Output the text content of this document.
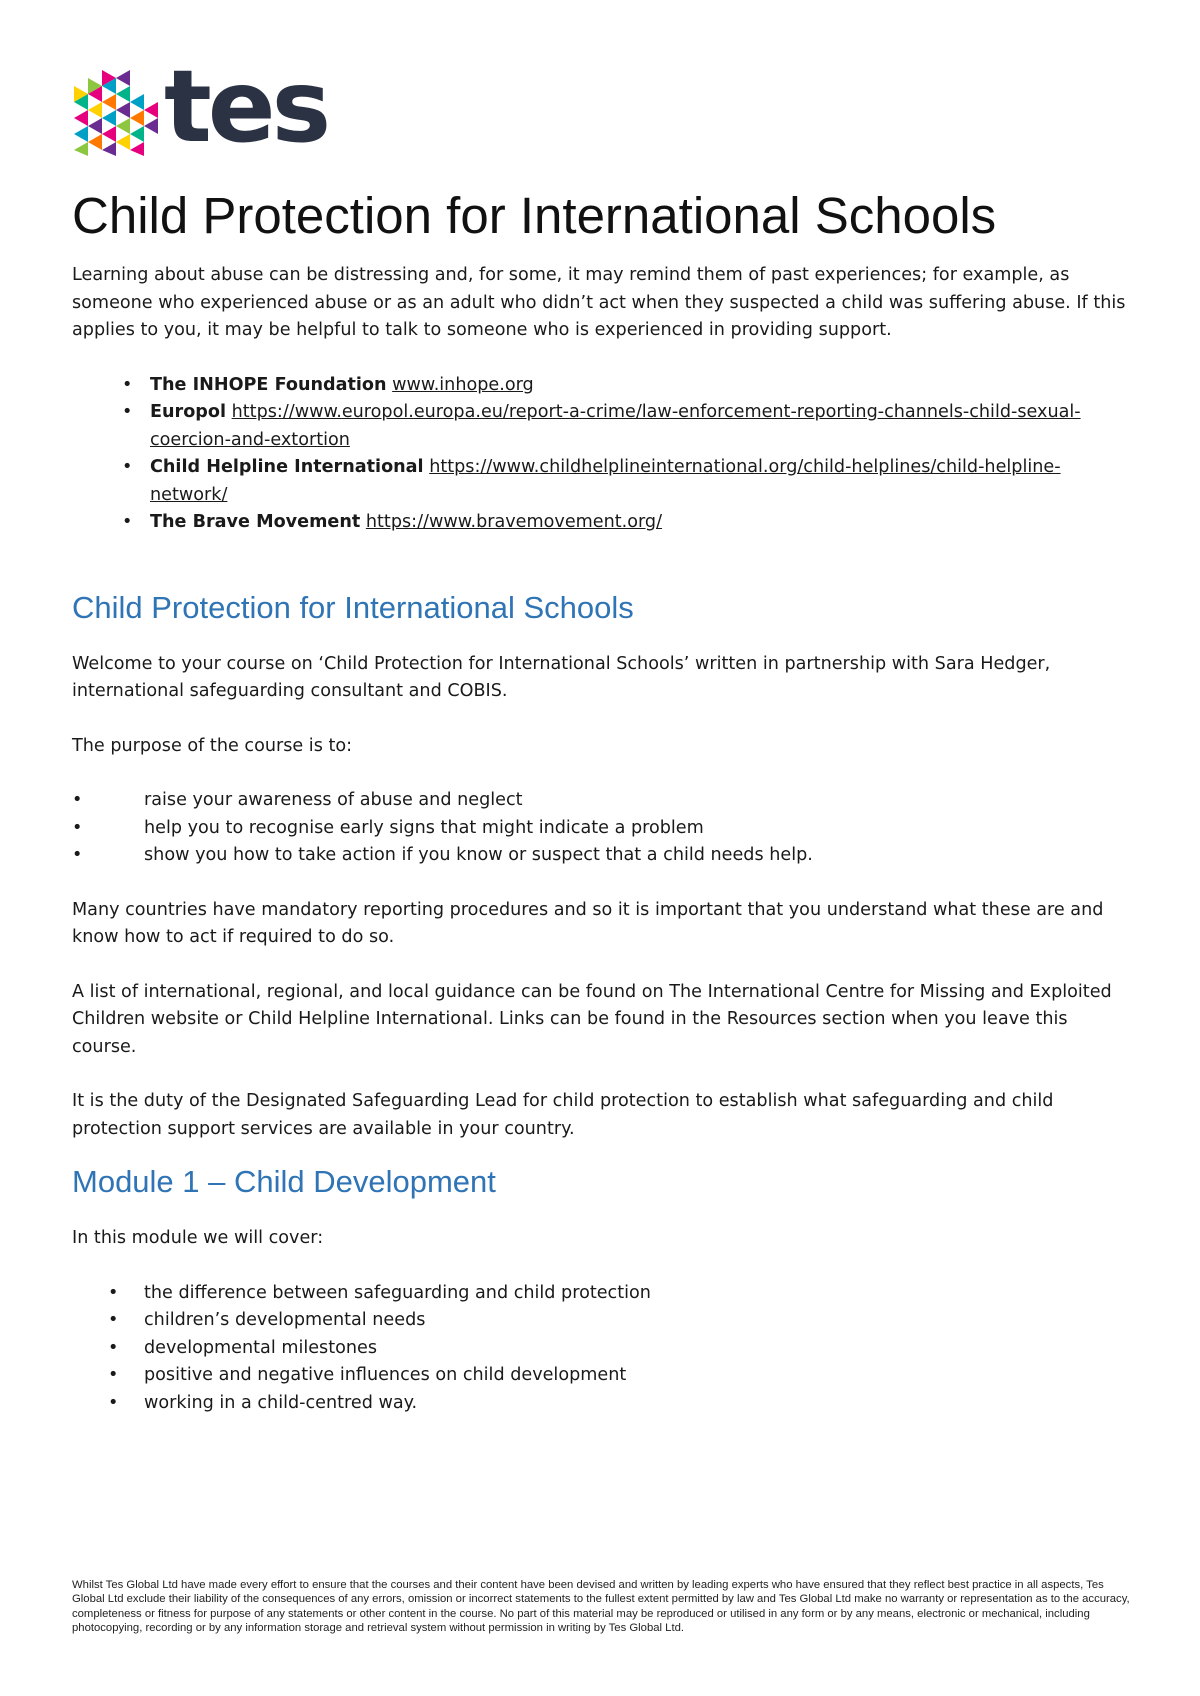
tes
Child Protection for International Schools

Learning about abuse can be distressing and, for some, it may remind them of past experiences; for example, as someone who experienced abuse or as an adult who didn’t act when they suspected a child was suffering abuse. If this applies to you, it may be helpful to talk to someone who is experienced in providing support.

• The INHOPE Foundation www.inhope.org
• Europol https://www.europol.europa.eu/report-a-crime/law-enforcement-reporting-channels-child-sexual-coercion-and-extortion
• Child Helpline International https://www.childhelplineinternational.org/child-helplines/child-helpline-network/
• The Brave Movement https://www.bravemovement.org/
Child Protection for International Schools

Welcome to your course on ‘Child Protection for International Schools’ written in partnership with Sara Hedger, international safeguarding consultant and COBIS.

The purpose of the course is to:

• raise your awareness of abuse and neglect
• help you to recognise early signs that might indicate a problem
• show you how to take action if you know or suspect that a child needs help.

Many countries have mandatory reporting procedures and so it is important that you understand what these are and know how to act if required to do so.

A list of international, regional, and local guidance can be found on The International Centre for Missing and Exploited Children website or Child Helpline International. Links can be found in the Resources section when you leave this course.

It is the duty of the Designated Safeguarding Lead for child protection to establish what safeguarding and child protection support services are available in your country.

Module 1 – Child Development

In this module we will cover:

• the difference between safeguarding and child protection
• children’s developmental needs
• developmental milestones
• positive and negative influences on child development
• working in a child-centred way.
Whilst Tes Global Ltd have made every effort to ensure that the courses and their content have been devised and written by leading experts who have ensured that they reflect best practice in all aspects, Tes Global Ltd exclude their liability of the consequences of any errors, omission or incorrect statements to the fullest extent permitted by law and Tes Global Ltd make no warranty or representation as to the accuracy, completeness or fitness for purpose of any statements or other content in the course. No part of this material may be reproduced or utilised in any form or by any means, electronic or mechanical, including photocopying, recording or by any information storage and retrieval system without permission in writing by Tes Global Ltd.
